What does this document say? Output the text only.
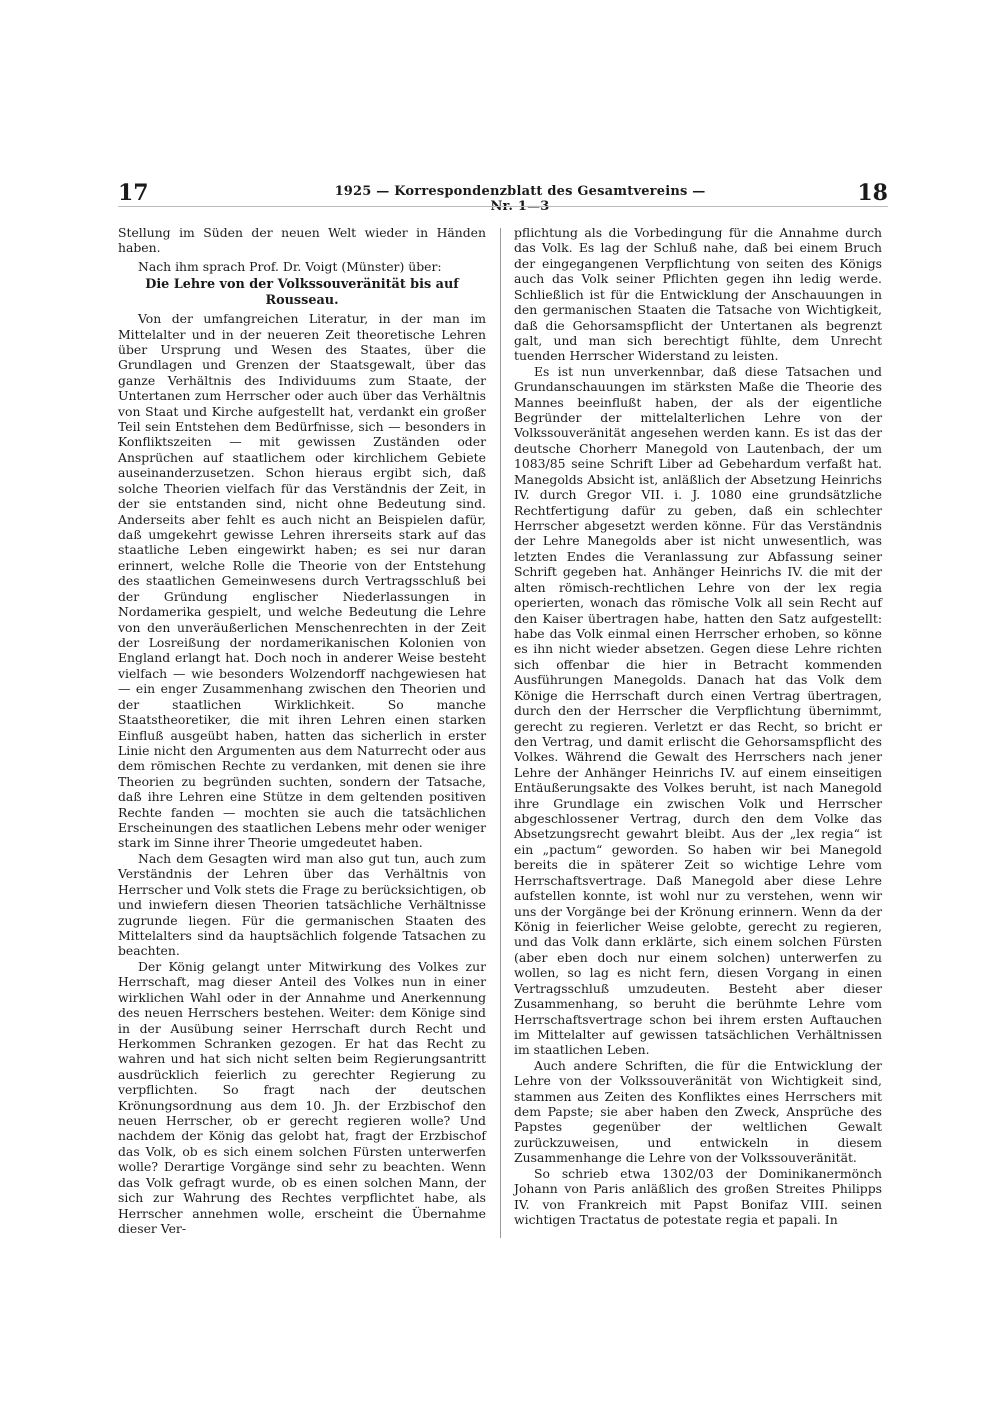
17	1925 — Korrespondenzblatt des Gesamtvereins — Nr. 1—3
18

Stellung im Süden der neuen Welt wieder in Händen haben.

Nach ihm sprach Prof. Dr. Voigt (Münster) über:

Die Lehre von der Volkssouveränität bis auf Rousseau.

Von der umfangreichen Literatur, in der man im Mittelalter und in der neueren Zeit theoretische Lehren über Ursprung und Wesen des Staates, über die Grundlagen und Grenzen der Staatsgewalt, über das ganze Verhältnis des Individuums zum Staate, der Untertanen zum Herrscher oder auch über das Verhältnis von Staat und Kirche aufgestellt hat, verdankt ein großer Teil sein Entstehen dem Bedürfnisse, sich — besonders in Konfliktszeiten — mit gewissen Zuständen oder Ansprüchen auf staatlichem oder kirchlichem Gebiete auseinanderzusetzen. Schon hieraus ergibt sich, daß solche Theorien vielfach für das Verständnis der Zeit, in der sie entstanden sind, nicht ohne Bedeutung sind. Anderseits aber fehlt es auch nicht an Beispielen dafür, daß umgekehrt gewisse Lehren ihrerseits stark auf das staatliche Leben eingewirkt haben; es sei nur daran erinnert, welche Rolle die Theorie von der Entstehung des staatlichen Gemeinwesens durch Vertragsschluß bei der Gründung englischer Niederlassungen in Nordamerika gespielt, und welche Bedeutung die Lehre von den unveräußerlichen Menschenrechten in der Zeit der Losreißung der nordamerikanischen Kolonien von England erlangt hat. Doch noch in anderer Weise besteht vielfach — wie besonders Wolzendorff nachgewiesen hat — ein enger Zusammenhang zwischen den Theorien und der staatlichen Wirklichkeit. So manche Staatstheoretiker, die mit ihren Lehren einen starken Einfluß ausgeübt haben, hatten das sicherlich in erster Linie nicht den Argumenten aus dem Naturrecht oder aus dem römischen Rechte zu verdanken, mit denen sie ihre Theorien zu begründen suchten, sondern der Tatsache, daß ihre Lehren eine Stütze in dem geltenden positiven Rechte fanden — mochten sie auch die tatsächlichen Erscheinungen des staatlichen Lebens mehr oder weniger stark im Sinne ihrer Theorie umgedeutet haben.

Nach dem Gesagten wird man also gut tun, auch zum Verständnis der Lehren über das Verhältnis von Herrscher und Volk stets die Frage zu berücksichtigen, ob und inwiefern diesen Theorien tatsächliche Verhältnisse zugrunde liegen. Für die germanischen Staaten des Mittelalters sind da hauptsächlich folgende Tatsachen zu beachten.

Der König gelangt unter Mitwirkung des Volkes zur Herrschaft, mag dieser Anteil des Volkes nun in einer wirklichen Wahl oder in der Annahme und Anerkennung des neuen Herrschers bestehen. Weiter: dem Könige sind in der Ausübung seiner Herrschaft durch Recht und Herkommen Schranken gezogen. Er hat das Recht zu wahren und hat sich nicht selten beim Regierungsantritt ausdrücklich feierlich zu gerechter Regierung zu verpflichten. So fragt nach der deutschen Krönungsordnung aus dem 10. Jh. der Erzbischof den neuen Herrscher, ob er gerecht regieren wolle? Und nachdem der König das gelobt hat, fragt der Erzbischof das Volk, ob es sich einem solchen Fürsten unterwerfen wolle? Derartige Vorgänge sind sehr zu beachten. Wenn das Volk gefragt wurde, ob es einen solchen Mann, der sich zur Wahrung des Rechtes verpflichtet habe, als Herrscher annehmen wolle, erscheint die Übernahme dieser Ver-

pflichtung als die Vorbedingung für die Annahme durch das Volk. Es lag der Schluß nahe, daß bei einem Bruch der eingegangenen Verpflichtung von seiten des Königs auch das Volk seiner Pflichten gegen ihn ledig werde. Schließlich ist für die Entwicklung der Anschauungen in den germanischen Staaten die Tatsache von Wichtigkeit, daß die Gehorsamspflicht der Untertanen als begrenzt galt, und man sich berechtigt fühlte, dem Unrecht tuenden Herrscher Widerstand zu leisten.

Es ist nun unverkennbar, daß diese Tatsachen und Grundanschauungen im stärksten Maße die Theorie des Mannes beeinflußt haben, der als der eigentliche Begründer der mittelalterlichen Lehre von der Volkssouveränität angesehen werden kann. Es ist das der deutsche Chorherr Manegold von Lautenbach, der um 1083/85 seine Schrift Liber ad Gebehardum verfaßt hat. Manegolds Absicht ist, anläßlich der Absetzung Heinrichs IV. durch Gregor VII. i. J. 1080 eine grundsätzliche Rechtfertigung dafür zu geben, daß ein schlechter Herrscher abgesetzt werden könne. Für das Verständnis der Lehre Manegolds aber ist nicht unwesentlich, was letzten Endes die Veranlassung zur Abfassung seiner Schrift gegeben hat. Anhänger Heinrichs IV. die mit der alten römisch-rechtlichen Lehre von der lex regia operierten, wonach das römische Volk all sein Recht auf den Kaiser übertragen habe, hatten den Satz aufgestellt: habe das Volk einmal einen Herrscher erhoben, so könne es ihn nicht wieder absetzen. Gegen diese Lehre richten sich offenbar die hier in Betracht kommenden Ausführungen Manegolds. Danach hat das Volk dem Könige die Herrschaft durch einen Vertrag übertragen, durch den der Herrscher die Verpflichtung übernimmt, gerecht zu regieren. Verletzt er das Recht, so bricht er den Vertrag, und damit erlischt die Gehorsamspflicht des Volkes. Während die Gewalt des Herrschers nach jener Lehre der Anhänger Heinrichs IV. auf einem einseitigen Entäußerungsakte des Volkes beruht, ist nach Manegold ihre Grundlage ein zwischen Volk und Herrscher abgeschlossener Vertrag, durch den dem Volke das Absetzungsrecht gewahrt bleibt. Aus der „lex regia“ ist ein „pactum“ geworden. So haben wir bei Manegold bereits die in späterer Zeit so wichtige Lehre vom Herrschaftsvertrage. Daß Manegold aber diese Lehre aufstellen konnte, ist wohl nur zu verstehen, wenn wir uns der Vorgänge bei der Krönung erinnern. Wenn da der König in feierlicher Weise gelobte, gerecht zu regieren, und das Volk dann erklärte, sich einem solchen Fürsten (aber eben doch nur einem solchen) unterwerfen zu wollen, so lag es nicht fern, diesen Vorgang in einen Vertragsschluß umzudeuten. Besteht aber dieser Zusammenhang, so beruht die berühmte Lehre vom Herrschaftsvertrage schon bei ihrem ersten Auftauchen im Mittelalter auf gewissen tatsächlichen Verhältnissen im staatlichen Leben.

Auch andere Schriften, die für die Entwicklung der Lehre von der Volkssouveränität von Wichtigkeit sind, stammen aus Zeiten des Konfliktes eines Herrschers mit dem Papste; sie aber haben den Zweck, Ansprüche des Papstes gegenüber der weltlichen Gewalt zurückzuweisen, und entwickeln in diesem Zusammenhange die Lehre von der Volkssouveränität.

So schrieb etwa 1302/03 der Dominikanermönch Johann von Paris anläßlich des großen Streites Philipps IV. von Frankreich mit Papst Bonifaz VIII. seinen wichtigen Tractatus de potestate regia et papali. In
